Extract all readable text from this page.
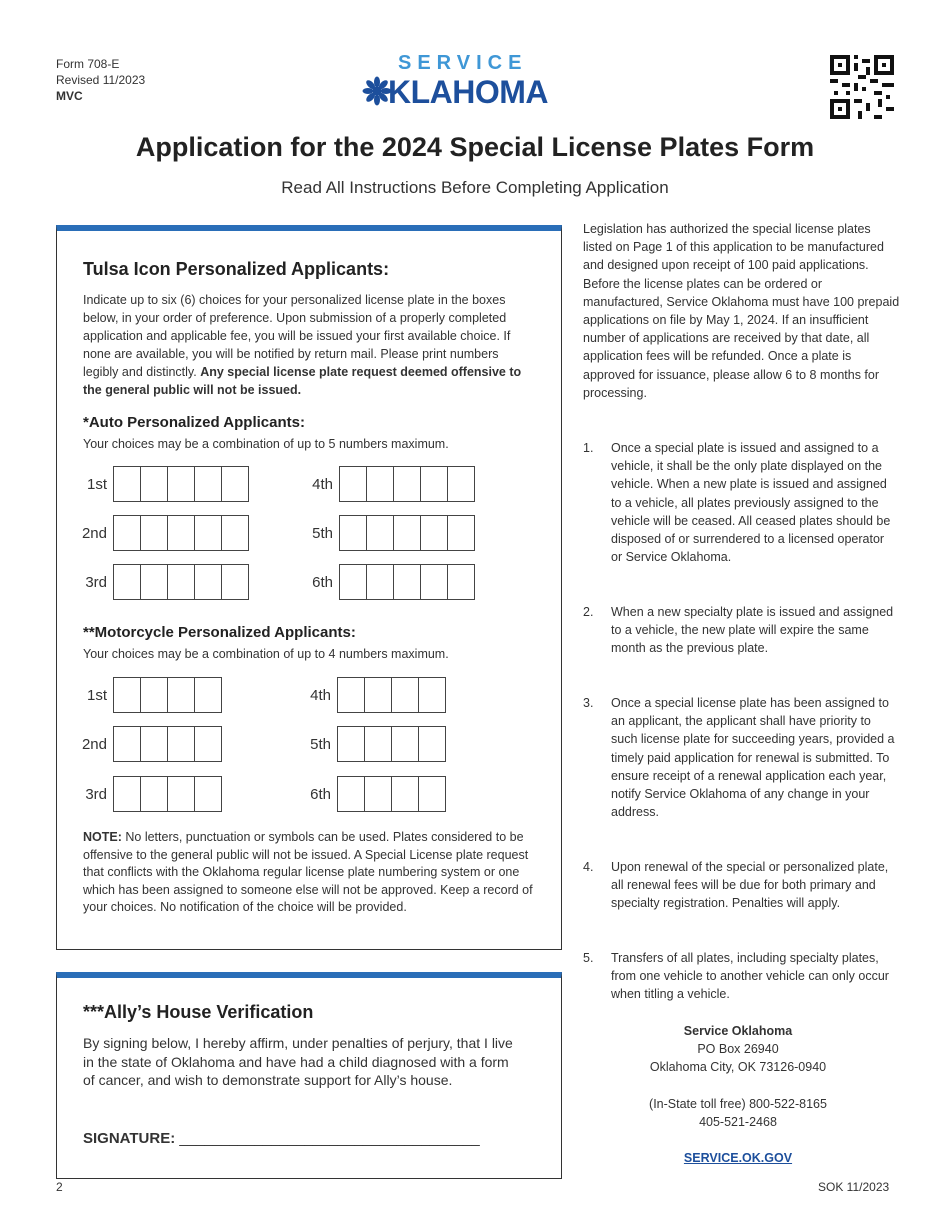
Form 708-E
Revised 11/2023
MVC
SERVICE
KLAHOMA
Application for the 2024 Special License Plates Form
Read All Instructions Before Completing Application
Tulsa Icon Personalized Applicants:
Indicate up to six (6) choices for your personalized license plate in the boxes below, in your order of preference. Upon submission of a properly completed application and applicable fee, you will be issued your first available choice. If none are available, you will be notified by return mail. Please print numbers legibly and distinctly. Any special license plate request deemed offensive to the general public will not be issued.
*Auto Personalized Applicants:
Your choices may be a combination of up to 5 numbers maximum.
1st
2nd
3rd
4th
5th
6th
**Motorcycle Personalized Applicants:
Your choices may be a combination of up to 4 numbers maximum.
1st
2nd
3rd
4th
5th
6th
NOTE: No letters, punctuation or symbols can be used. Plates considered to be offensive to the general public will not be issued. A Special License plate request that conflicts with the Oklahoma regular license plate numbering system or one which has been assigned to someone else will not be approved. Keep a record of your choices. No notification of the choice will be provided.
***Ally’s House Verification
By signing below, I hereby affirm, under penalties of perjury, that I live in the state of Oklahoma and have had a child diagnosed with a form of cancer, and wish to demonstrate support for Ally’s house.
SIGNATURE: ____________________________________
Legislation has authorized the special license plates listed on Page 1 of this application to be manufactured and designed upon receipt of 100 paid applications. Before the license plates can be ordered or manufactured, Service Oklahoma must have 100 prepaid applications on file by May 1, 2024. If an insufficient number of applications are received by that date, all application fees will be refunded. Once a plate is approved for issuance, please allow 6 to 8 months for processing.
1. Once a special plate is issued and assigned to a vehicle, it shall be the only plate displayed on the vehicle. When a new plate is issued and assigned to a vehicle, all plates previously assigned to the vehicle will be ceased. All ceased plates should be disposed of or surrendered to a licensed operator or Service Oklahoma.
2. When a new specialty plate is issued and assigned to a vehicle, the new plate will expire the same month as the previous plate.
3. Once a special license plate has been assigned to an applicant, the applicant shall have priority to such license plate for succeeding years, provided a timely paid application for renewal is submitted. To ensure receipt of a renewal application each year, notify Service Oklahoma of any change in your address.
4. Upon renewal of the special or personalized plate, all renewal fees will be due for both primary and specialty registration. Penalties will apply.
5. Transfers of all plates, including specialty plates, from one vehicle to another vehicle can only occur when titling a vehicle.
Service Oklahoma
PO Box 26940
Oklahoma City, OK 73126-0940
(In-State toll free) 800-522-8165
405-521-2468
SERVICE.OK.GOV
2	SOK 11/2023
